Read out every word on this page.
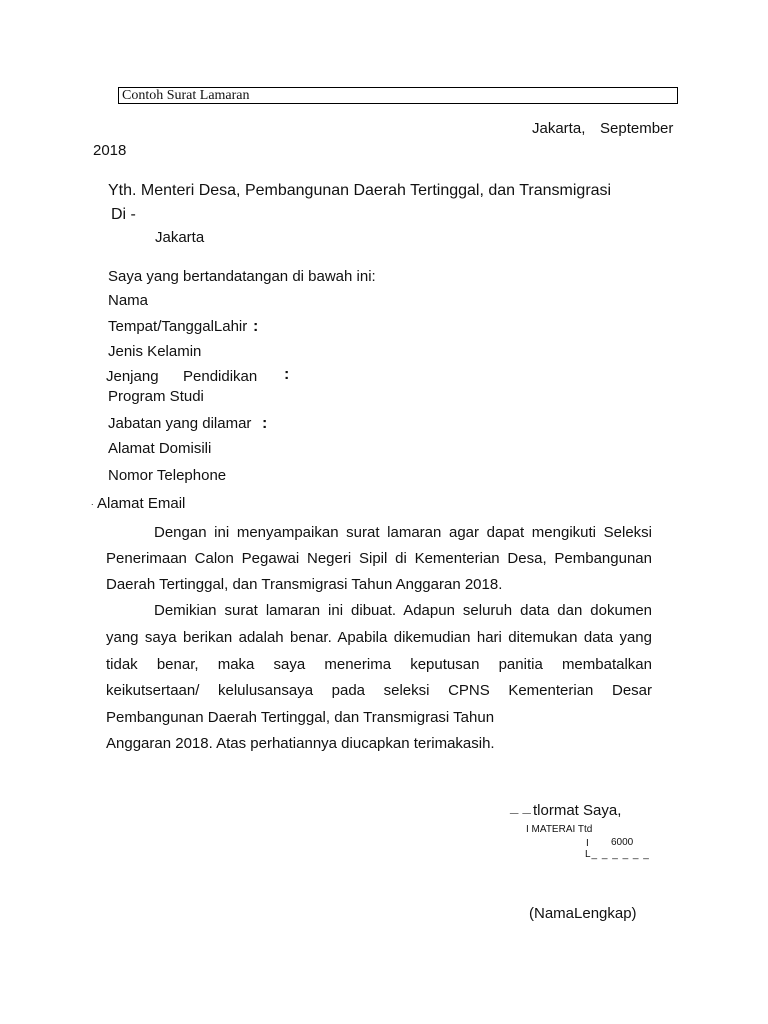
Contoh Surat Lamaran
Jakarta, September
2018
Yth. Menteri Desa, Pembangunan Daerah Tertinggal, dan Transmigrasi
Di -
Jakarta
Saya yang bertandatangan di bawah ini:
Nama
Tempat/TanggalLahir :
Jenis Kelamin
Jenjang Pendidikan :
Program Studi
Jabatan yang dilamar :
Alamat Domisili
Nomor Telephone
. Alamat Email
Dengan ini menyampaikan surat lamaran agar dapat mengikuti Seleksi
Penerimaan Calon Pegawai Negeri Sipil di Kementerian Desa, Pembangunan
Daerah Tertinggal, dan Transmigrasi Tahun Anggaran 2018.
Demikian surat lamaran ini dibuat. Adapun seluruh data dan dokumen
yang saya berikan adalah benar. Apabila dikemudian hari ditemukan data yang
tidak benar, maka saya menerima keputusan panitia membatalkan
keikutsertaan/ kelulusansaya pada seleksi CPNS Kementerian Desar
Pembangunan Daerah Tertinggal, dan Transmigrasi Tahun
Anggaran 2018. Atas perhatiannya diucapkan terimakasih.
_ _ tlormat Saya,
I MATERAI Ttd
I 6000
L_ _ _ _ _ _
(NamaLengkap)
